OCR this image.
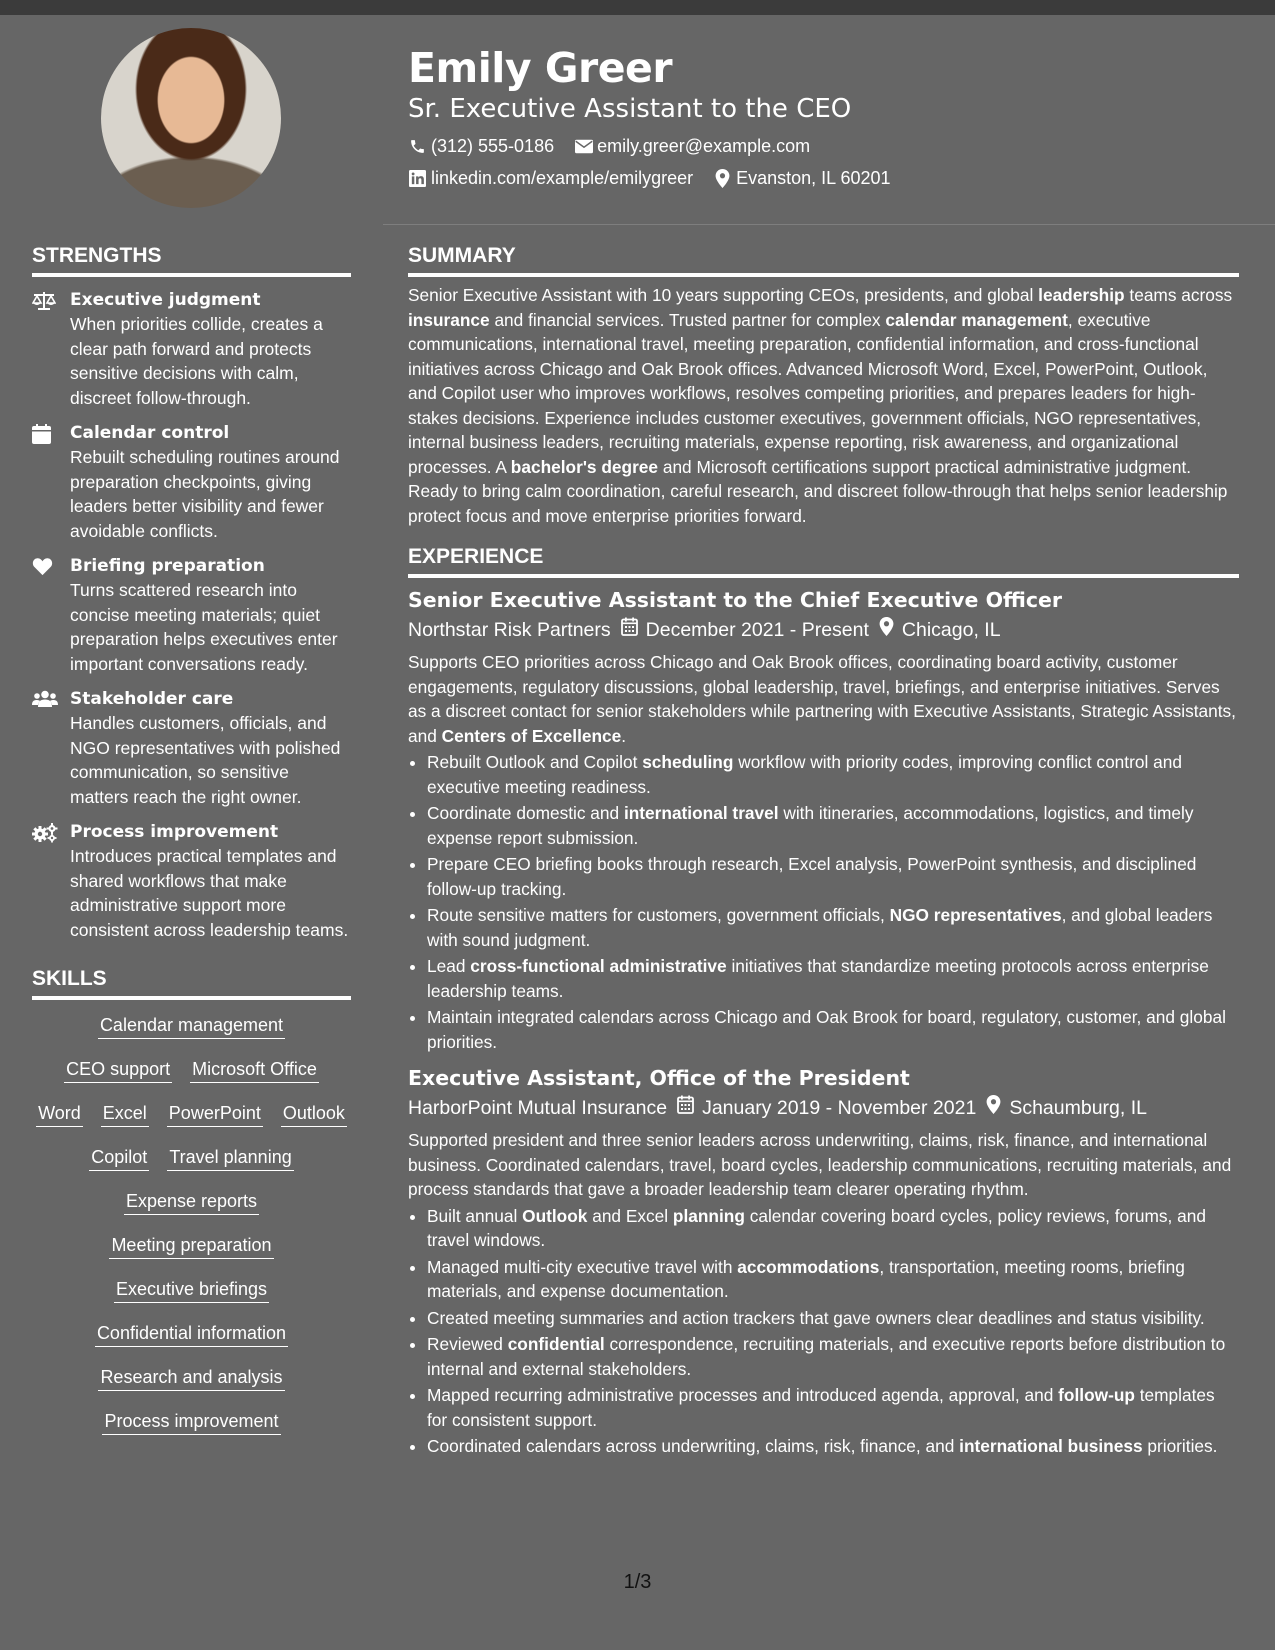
Emily Greer
Sr. Executive Assistant to the CEO
(312) 555-0186 emily.greer@example.com
linkedin.com/example/emilygreer Evanston, IL 60201
STRENGTHS
Executive judgment
When priorities collide, creates a clear path forward and protects sensitive decisions with calm, discreet follow-through.
Calendar control
Rebuilt scheduling routines around preparation checkpoints, giving leaders better visibility and fewer avoidable conflicts.
Briefing preparation
Turns scattered research into concise meeting materials; quiet preparation helps executives enter important conversations ready.
Stakeholder care
Handles customers, officials, and NGO representatives with polished communication, so sensitive matters reach the right owner.
Process improvement
Introduces practical templates and shared workflows that make administrative support more consistent across leadership teams.
SKILLS
Calendar management
CEO support Microsoft Office
Word Excel PowerPoint Outlook
Copilot Travel planning
Expense reports
Meeting preparation
Executive briefings
Confidential information
Research and analysis
Process improvement
SUMMARY
Senior Executive Assistant with 10 years supporting CEOs, presidents, and global leadership teams across insurance and financial services. Trusted partner for complex calendar management, executive communications, international travel, meeting preparation, confidential information, and cross-functional initiatives across Chicago and Oak Brook offices. Advanced Microsoft Word, Excel, PowerPoint, Outlook, and Copilot user who improves workflows, resolves competing priorities, and prepares leaders for high-stakes decisions. Experience includes customer executives, government officials, NGO representatives, internal business leaders, recruiting materials, expense reporting, risk awareness, and organizational processes. A bachelor's degree and Microsoft certifications support practical administrative judgment. Ready to bring calm coordination, careful research, and discreet follow-through that helps senior leadership protect focus and move enterprise priorities forward.
EXPERIENCE
Senior Executive Assistant to the Chief Executive Officer
Northstar Risk Partners December 2021 - Present Chicago, IL
Supports CEO priorities across Chicago and Oak Brook offices, coordinating board activity, customer engagements, regulatory discussions, global leadership, travel, briefings, and enterprise initiatives. Serves as a discreet contact for senior stakeholders while partnering with Executive Assistants, Strategic Assistants, and Centers of Excellence.
• Rebuilt Outlook and Copilot scheduling workflow with priority codes, improving conflict control and executive meeting readiness.
• Coordinate domestic and international travel with itineraries, accommodations, logistics, and timely expense report submission.
• Prepare CEO briefing books through research, Excel analysis, PowerPoint synthesis, and disciplined follow-up tracking.
• Route sensitive matters for customers, government officials, NGO representatives, and global leaders with sound judgment.
• Lead cross-functional administrative initiatives that standardize meeting protocols across enterprise leadership teams.
• Maintain integrated calendars across Chicago and Oak Brook for board, regulatory, customer, and global priorities.
Executive Assistant, Office of the President
HarborPoint Mutual Insurance January 2019 - November 2021 Schaumburg, IL
Supported president and three senior leaders across underwriting, claims, risk, finance, and international business. Coordinated calendars, travel, board cycles, leadership communications, recruiting materials, and process standards that gave a broader leadership team clearer operating rhythm.
• Built annual Outlook and Excel planning calendar covering board cycles, policy reviews, forums, and travel windows.
• Managed multi-city executive travel with accommodations, transportation, meeting rooms, briefing materials, and expense documentation.
• Created meeting summaries and action trackers that gave owners clear deadlines and status visibility.
• Reviewed confidential correspondence, recruiting materials, and executive reports before distribution to internal and external stakeholders.
• Mapped recurring administrative processes and introduced agenda, approval, and follow-up templates for consistent support.
• Coordinated calendars across underwriting, claims, risk, finance, and international business priorities.
1/3
